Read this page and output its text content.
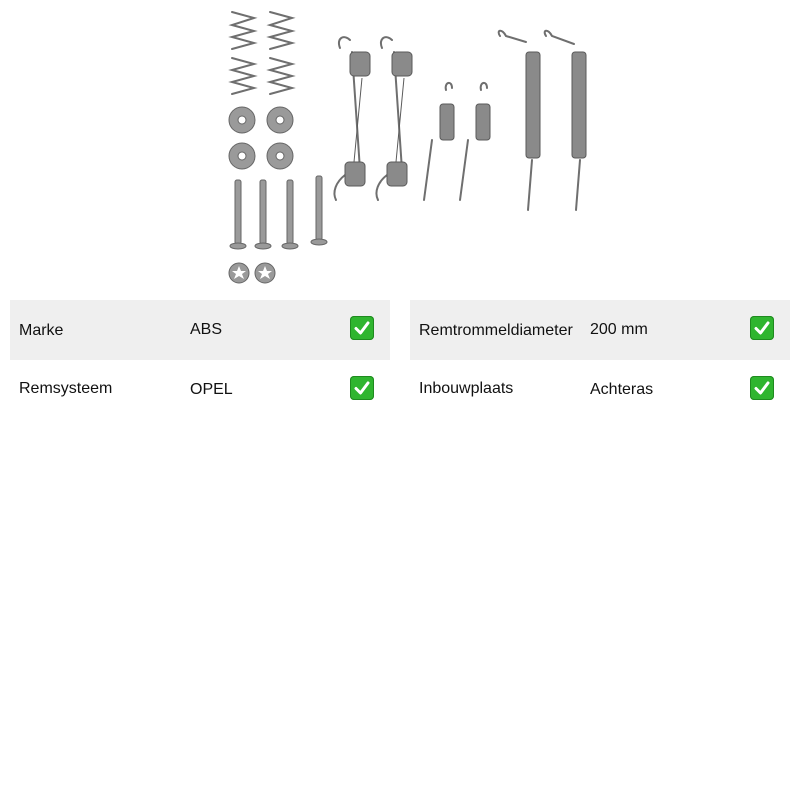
Marke	ABS
Remsysteem	OPEL
Remtrommeldiameter 200 mm
Inbouwplaats	Achteras
